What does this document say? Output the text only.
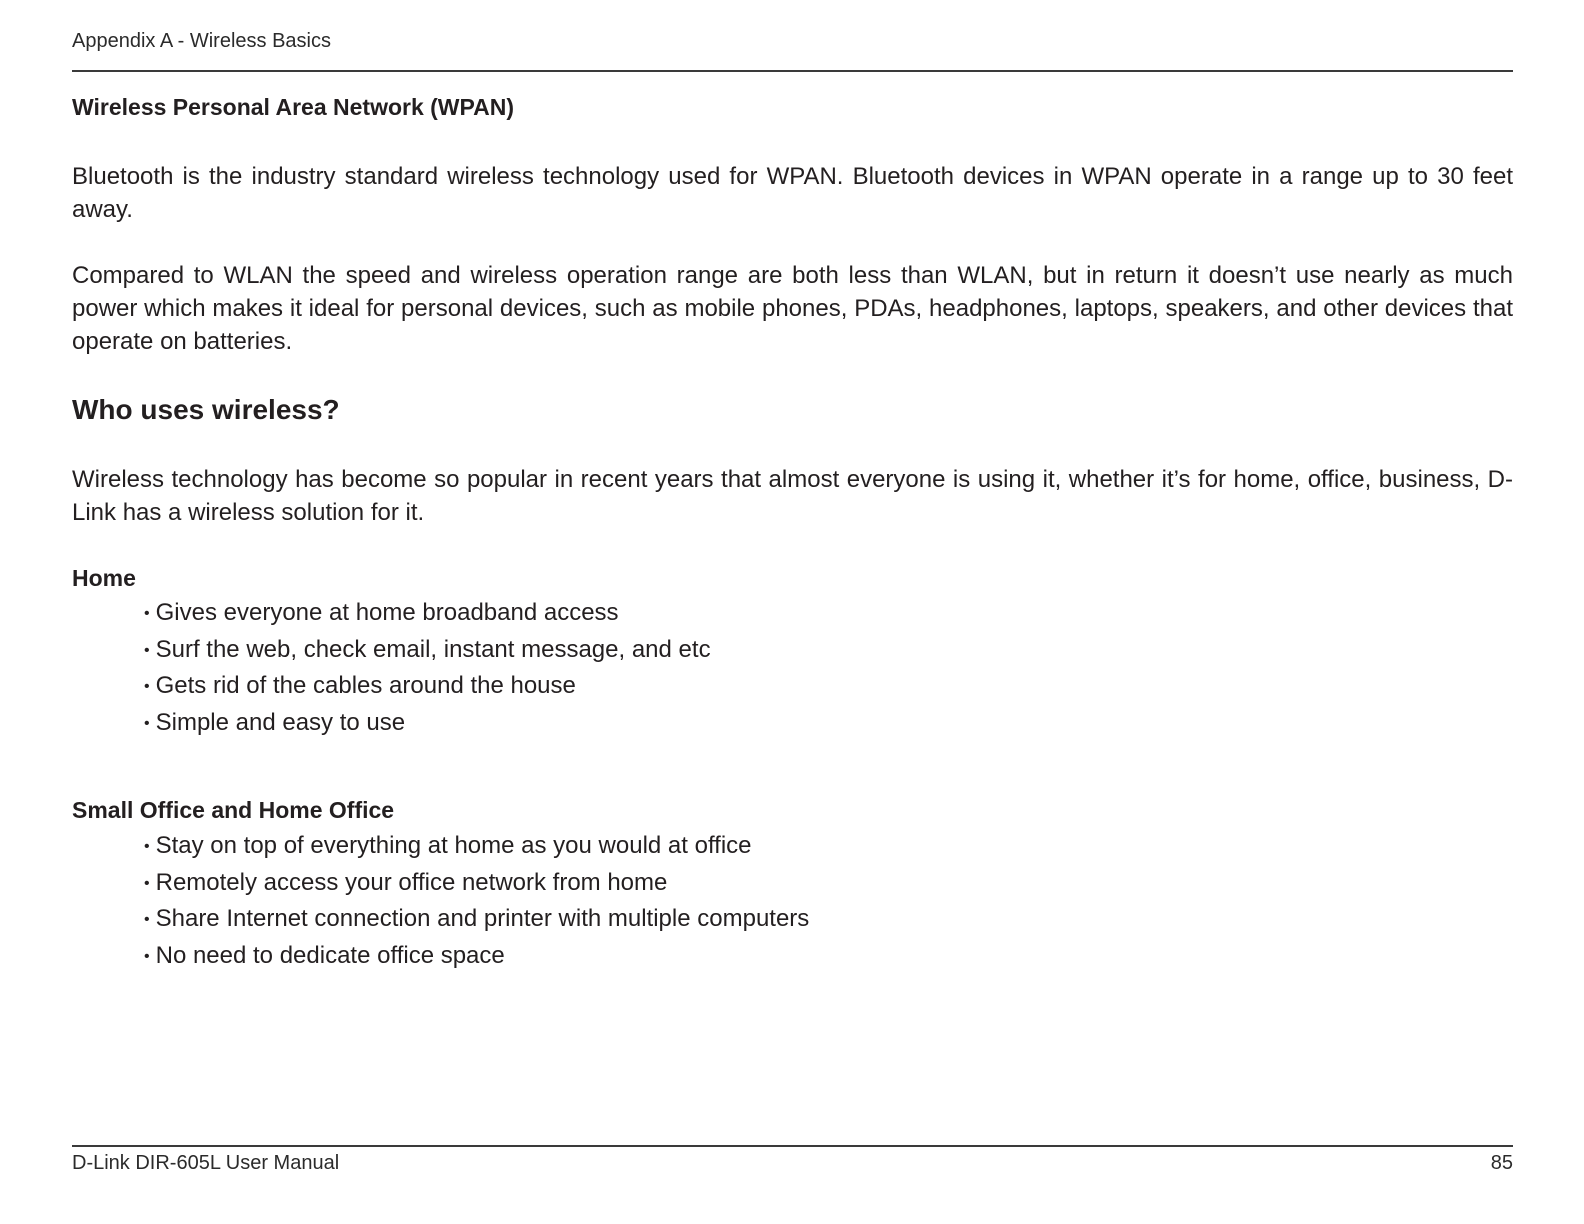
Appendix A - Wireless Basics
Wireless Personal Area Network (WPAN)
Bluetooth is the industry standard wireless technology used for WPAN. Bluetooth devices in WPAN operate in a range up to 30 feet away.
Compared to WLAN the speed and wireless operation range are both less than WLAN, but in return it doesn’t use nearly as much power which makes it ideal for personal devices, such as mobile phones, PDAs, headphones, laptops, speakers, and other devices that operate on batteries.
Who uses wireless?
Wireless technology has become so popular in recent years that almost everyone is using it, whether it’s for home, office, business, D-Link has a wireless solution for it.
Home
• Gives everyone at home broadband access
• Surf the web, check email, instant message, and etc
• Gets rid of the cables around the house
• Simple and easy to use
Small Office and Home Office
• Stay on top of everything at home as you would at office
• Remotely access your office network from home
• Share Internet connection and printer with multiple computers
• No need to dedicate office space
D-Link DIR-605L User Manual	85
